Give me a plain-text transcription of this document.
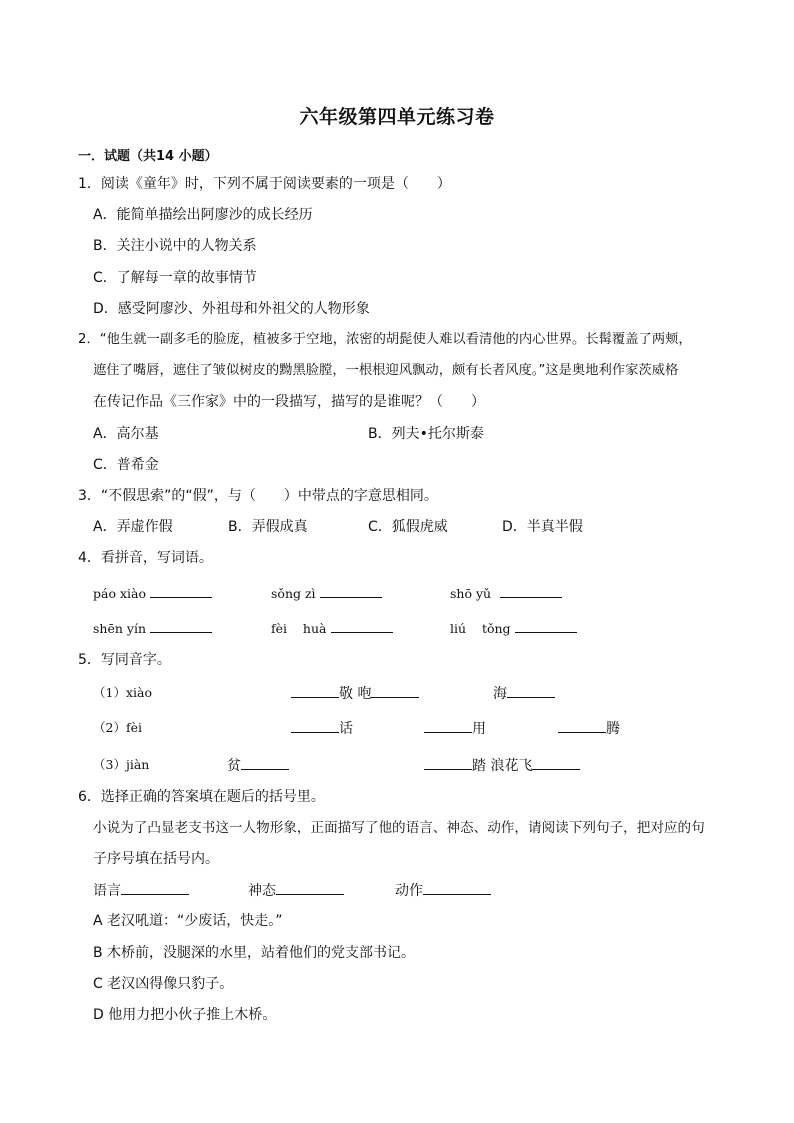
六年级第四单元练习卷
一．试题（共14 小题）
1．阅读《童年》时，下列不属于阅读要素的一项是（　　）
A．能简单描绘出阿廖沙的成长经历
B．关注小说中的人物关系
C．了解每一章的故事情节
D．感受阿廖沙、外祖母和外祖父的人物形象
2．“他生就一副多毛的脸庞，植被多于空地，浓密的胡髭使人难以看清他的内心世界。长髯覆盖了两颊，
遮住了嘴唇，遮住了皱似树皮的黝黑脸膛，一根根迎风飘动，颇有长者风度。”这是奥地利作家茨威格
在传记作品《三作家》中的一段描写，描写的是谁呢？（　　）
A．高尔基	B．列夫•托尔斯泰
C．普希金
3．“不假思索”的“假”，与（　　）中带点的字意思相同。
A．弄虚作假	B．弄假成真	C．狐假虎威	D．半真半假
4．看拼音，写词语。
páo xiào	sǒng zì	shō yǔ
shēn yín	fèi    huà	liú    tǒng
5．写同音字。
（1）xiào	敬 咆	海
（2）fèi	话	用	腾
（3）jiàn	贫	踏 浪花飞
6．选择正确的答案填在题后的括号里。
小说为了凸显老支书这一人物形象，正面描写了他的语言、神态、动作，请阅读下列句子，把对应的句
子序号填在括号内。
语言	神态	动作
A 老汉吼道：“少废话，快走。”
B 木桥前，没腿深的水里，站着他们的党支部书记。
C 老汉凶得像只豹子。
D 他用力把小伙子推上木桥。
